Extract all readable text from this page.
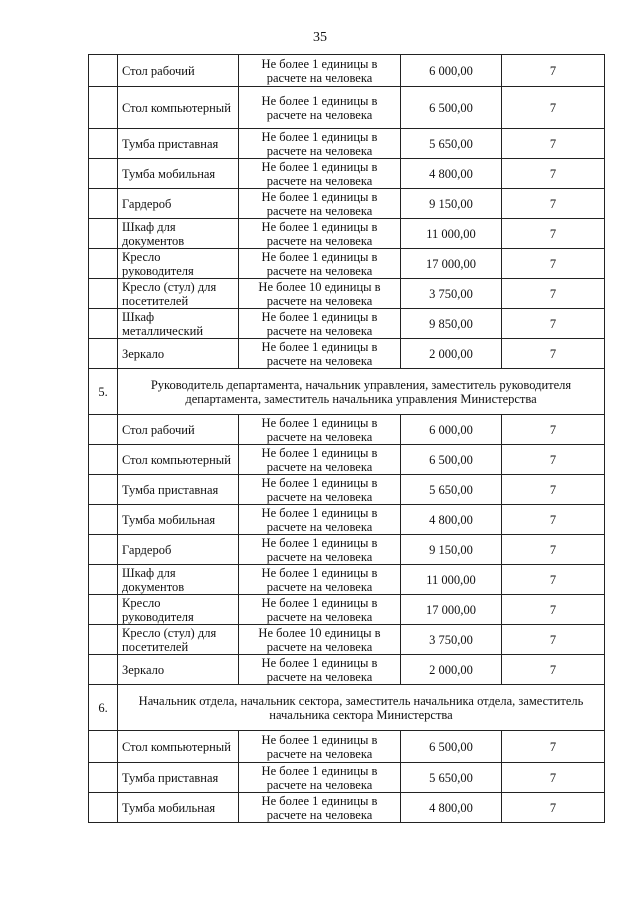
35
	Стол рабочий	Не более 1 единицы в расчете на человека	6 000,00	7
	Стол компьютерный	Не более 1 единицы в расчете на человека	6 500,00	7
	Тумба приставная	Не более 1 единицы в расчете на человека	5 650,00	7
	Тумба мобильная	Не более 1 единицы в расчете на человека	4 800,00	7
	Гардероб	Не более 1 единицы в расчете на человека	9 150,00	7
	Шкаф для документов	Не более 1 единицы в расчете на человека	11 000,00	7
	Кресло руководителя	Не более 1 единицы в расчете на человека	17 000,00	7
	Кресло (стул) для посетителей	Не более 10 единицы в расчете на человека	3 750,00	7
	Шкаф металлический	Не более 1 единицы в расчете на человека	9 850,00	7
	Зеркало	Не более 1 единицы в расчете на человека	2 000,00	7
5.	Руководитель департамента, начальник управления, заместитель руководителя департамента, заместитель начальника управления Министерства			
	Стол рабочий	Не более 1 единицы в расчете на человека	6 000,00	7
	Стол компьютерный	Не более 1 единицы в расчете на человека	6 500,00	7
	Тумба приставная	Не более 1 единицы в расчете на человека	5 650,00	7
	Тумба мобильная	Не более 1 единицы в расчете на человека	4 800,00	7
	Гардероб	Не более 1 единицы в расчете на человека	9 150,00	7
	Шкаф для документов	Не более 1 единицы в расчете на человека	11 000,00	7
	Кресло руководителя	Не более 1 единицы в расчете на человека	17 000,00	7
	Кресло (стул) для посетителей	Не более 10 единицы в расчете на человека	3 750,00	7
	Зеркало	Не более 1 единицы в расчете на человека	2 000,00	7
6.	Начальник отдела, начальник сектора, заместитель начальника отдела, заместитель начальника сектора Министерства			
	Стол компьютерный	Не более 1 единицы в расчете на человека	6 500,00	7
	Тумба приставная	Не более 1 единицы в расчете на человека	5 650,00	7
	Тумба мобильная	Не более 1 единицы в расчете на человека	4 800,00	7
